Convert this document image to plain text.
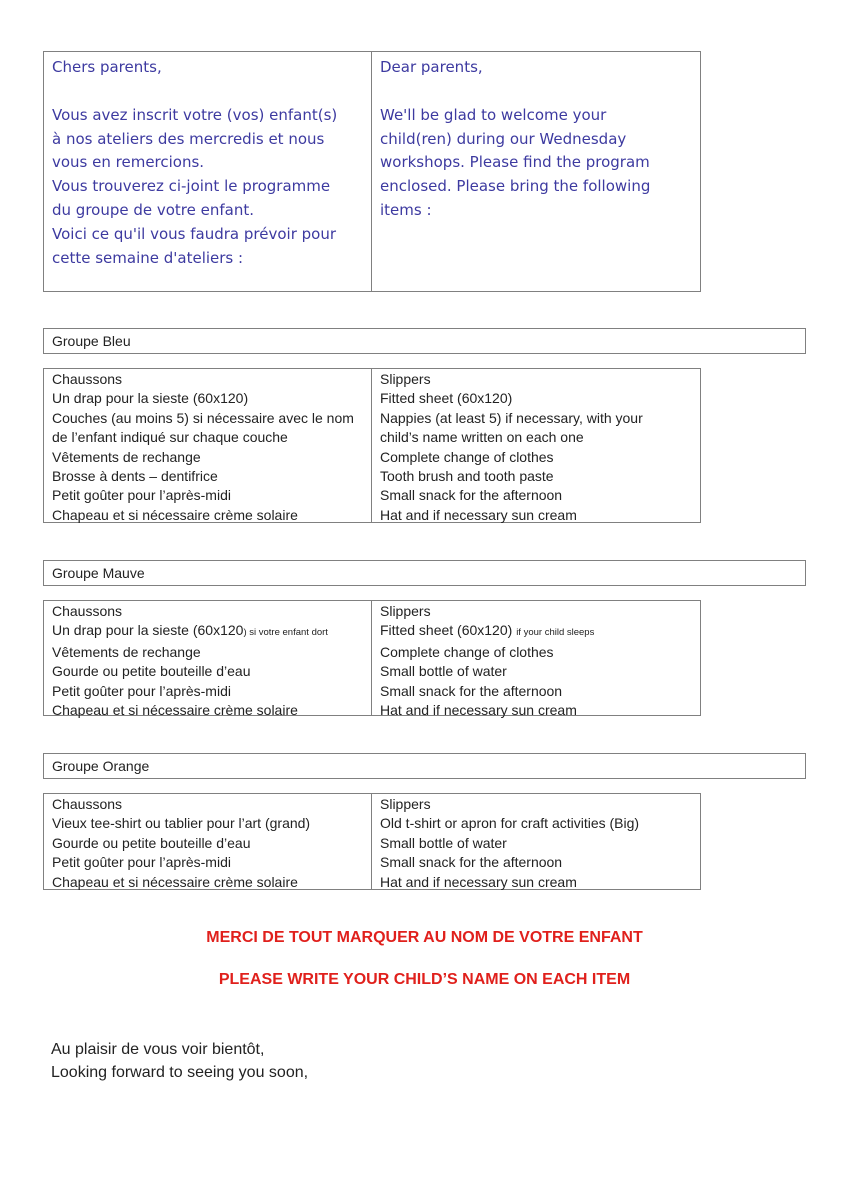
Chers parents,

Vous avez inscrit votre (vos) enfant(s)
à nos ateliers des mercredis et nous
vous en remercions.
Vous trouverez ci-joint le programme
du groupe de votre enfant.
Voici ce qu'il vous faudra prévoir pour
cette semaine d'ateliers :

Dear parents,

We'll be glad to welcome your
child(ren) during our Wednesday
workshops. Please find the program
enclosed. Please bring the following
items :
Groupe Bleu
Chaussons
Un drap pour la sieste (60x120)
Couches (au moins 5) si nécessaire avec le nom
de l’enfant indiqué sur chaque couche
Vêtements de rechange
Brosse à dents – dentifrice
Petit goûter pour l’après-midi
Chapeau et si nécessaire crème solaire
Slippers
Fitted sheet (60x120)
Nappies (at least 5) if necessary, with your
child’s name written on each one
Complete change of clothes
Tooth brush and tooth paste
Small snack for the afternoon
Hat and if necessary sun cream
Groupe Mauve
Chaussons
Un drap pour la sieste (60x120) si votre enfant dort
Vêtements de rechange
Gourde ou petite bouteille d’eau
Petit goûter pour l’après-midi
Chapeau et si nécessaire crème solaire
Slippers
Fitted sheet (60x120) if your child sleeps
Complete change of clothes
Small bottle of water
Small snack for the afternoon
Hat and if necessary sun cream
Groupe Orange
Chaussons
Vieux tee-shirt ou tablier pour l’art (grand)
Gourde ou petite bouteille d’eau
Petit goûter pour l’après-midi
Chapeau et si nécessaire crème solaire
Slippers
Old t-shirt or apron for craft activities (Big)
Small bottle of water
Small snack for the afternoon
Hat and if necessary sun cream
MERCI DE TOUT MARQUER AU NOM DE VOTRE ENFANT
PLEASE WRITE YOUR CHILD’S NAME ON EACH ITEM
Au plaisir de vous voir bientôt,
Looking forward to seeing you soon,
